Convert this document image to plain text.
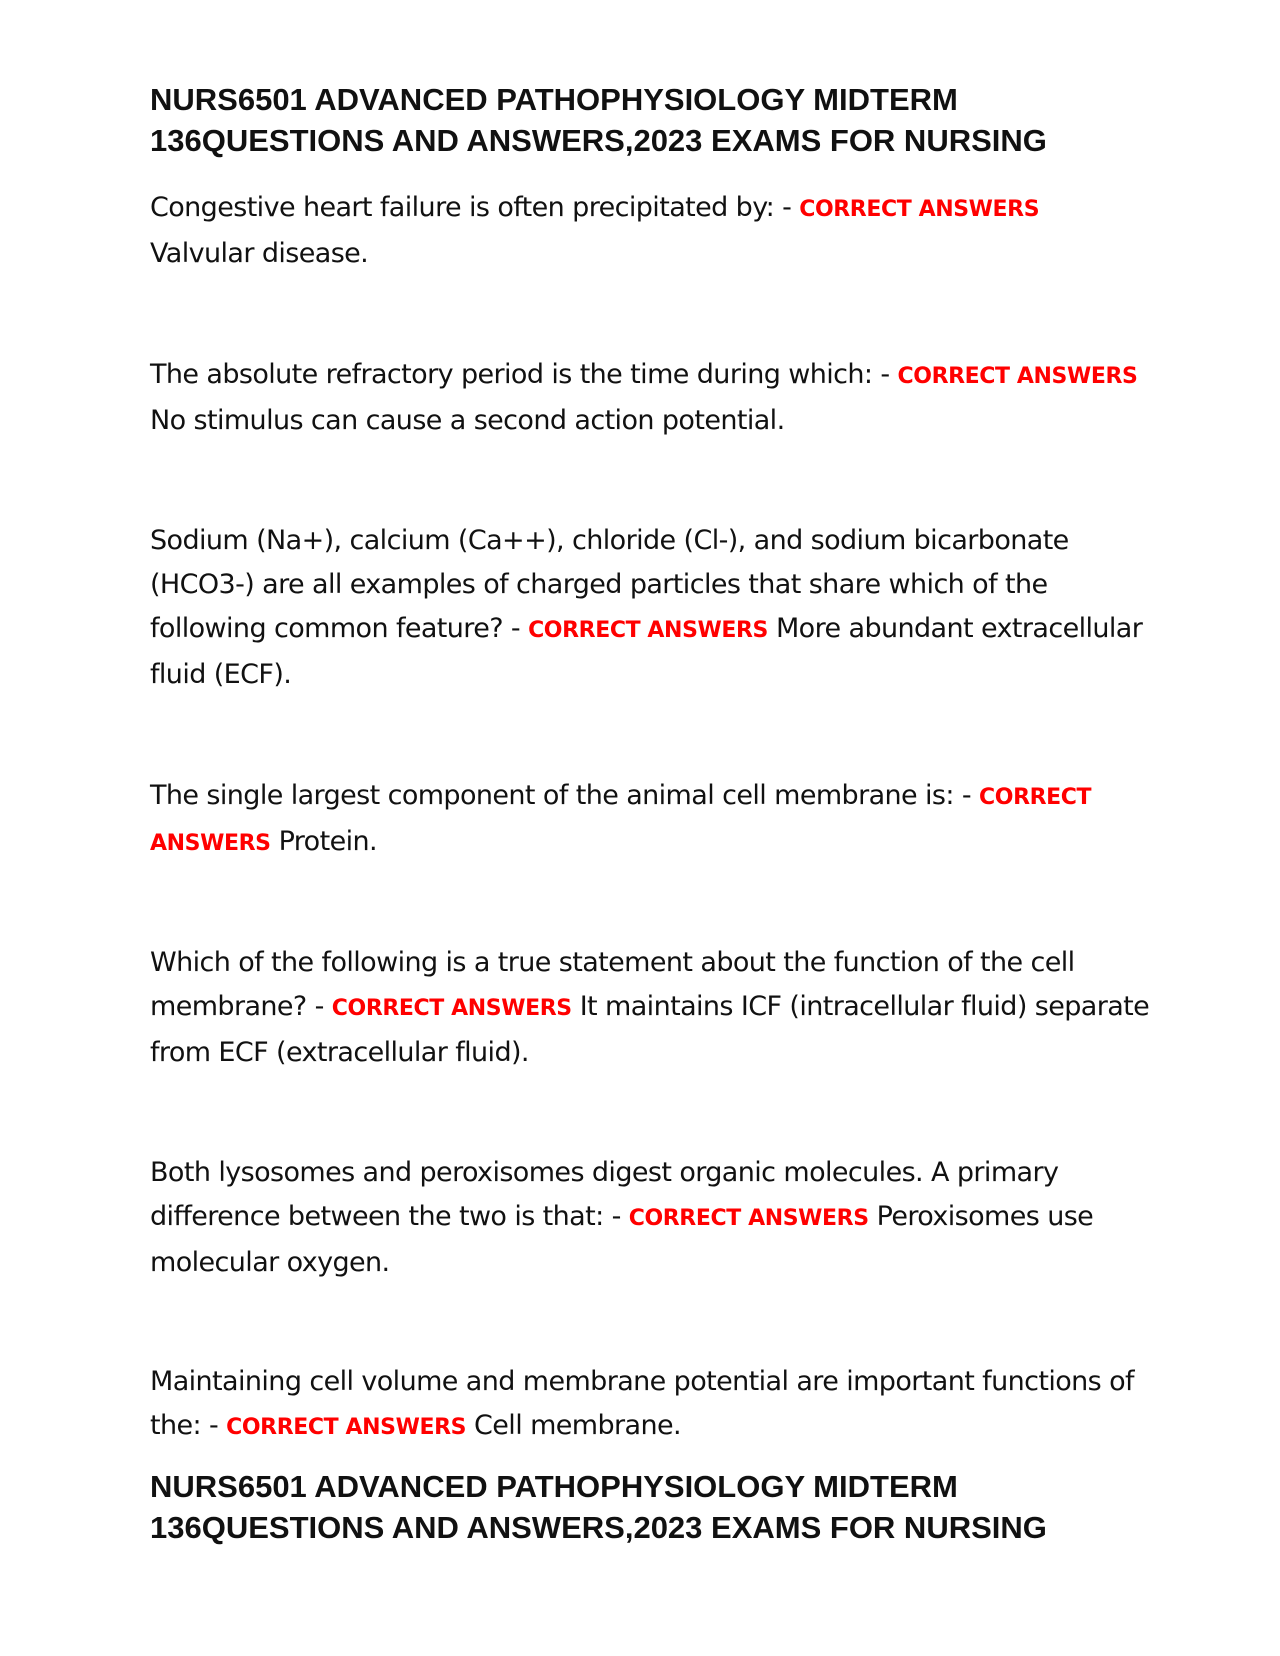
NURS6501 ADVANCED PATHOPHYSIOLOGY MIDTERM
136QUESTIONS AND ANSWERS,2023 EXAMS FOR NURSING

Congestive heart failure is often precipitated by: - CORRECT ANSWERS
Valvular disease.

The absolute refractory period is the time during which: - CORRECT ANSWERS No stimulus can cause a second action potential.

Sodium (Na+), calcium (Ca++), chloride (Cl-), and sodium bicarbonate (HCO3-) are all examples of charged particles that share which of the following common feature? - CORRECT ANSWERS More abundant extracellular fluid (ECF).

The single largest component of the animal cell membrane is: - CORRECT ANSWERS Protein.

Which of the following is a true statement about the function of the cell membrane? - CORRECT ANSWERS It maintains ICF (intracellular fluid) separate from ECF (extracellular fluid).

Both lysosomes and peroxisomes digest organic molecules. A primary difference between the two is that: - CORRECT ANSWERS Peroxisomes use molecular oxygen.

Maintaining cell volume and membrane potential are important functions of the: - CORRECT ANSWERS Cell membrane.

NURS6501 ADVANCED PATHOPHYSIOLOGY MIDTERM
136QUESTIONS AND ANSWERS,2023 EXAMS FOR NURSING
